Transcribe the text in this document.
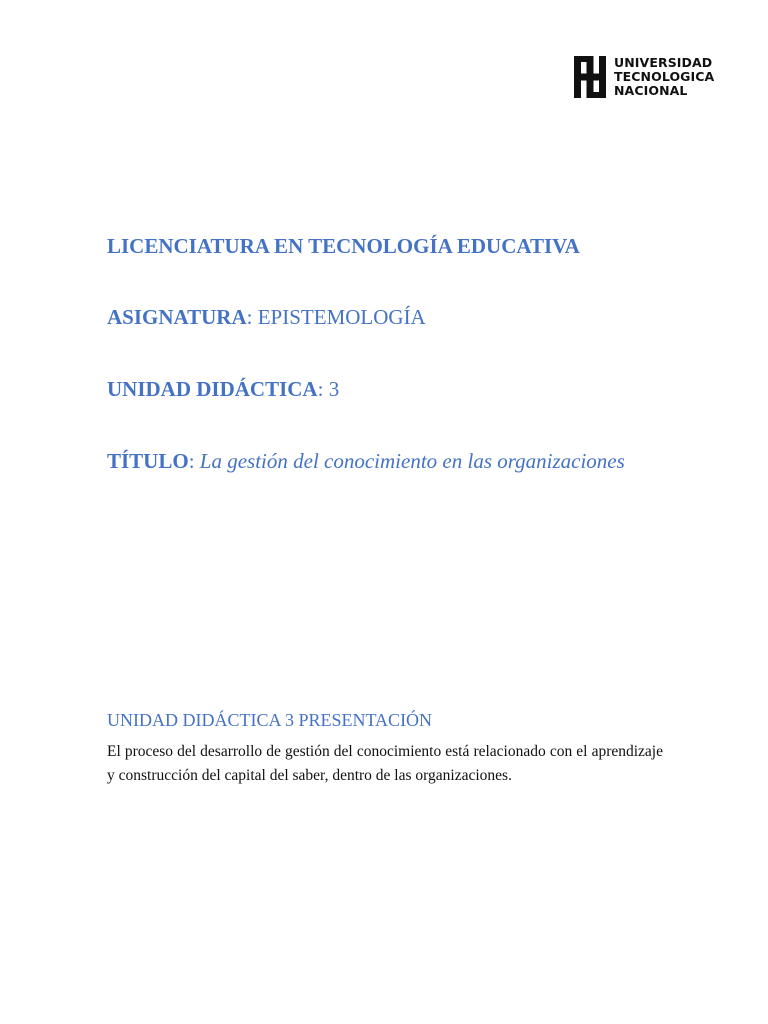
UNIVERSIDAD
TECNOLOGICA
NACIONAL
LICENCIATURA EN TECNOLOGÍA EDUCATIVA
ASIGNATURA: EPISTEMOLOGÍA
UNIDAD DIDÁCTICA: 3
TÍTULO: La gestión del conocimiento en las organizaciones
UNIDAD DIDÁCTICA 3 PRESENTACIÓN

El proceso del desarrollo de gestión del conocimiento está relacionado con el aprendizaje y construcción del capital del saber, dentro de las organizaciones.
